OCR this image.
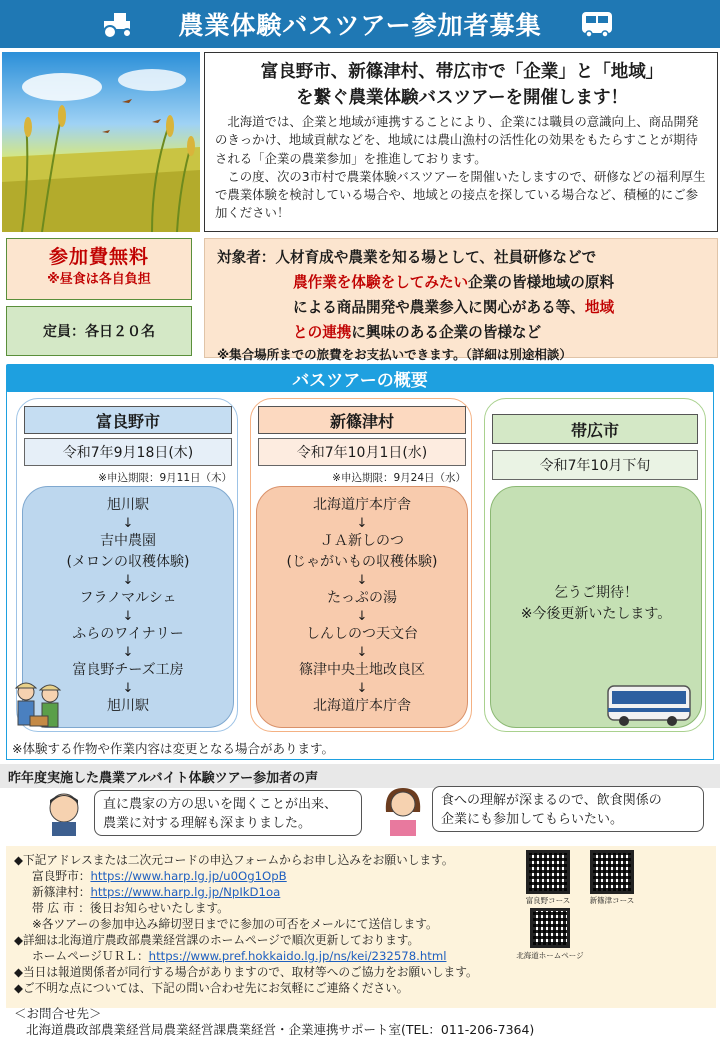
農業体験バスツアー参加者募集
富良野市、新篠津村、帯広市で「企業」と「地域」
を繋ぐ農業体験バスツアーを開催します！

北海道では、企業と地域が連携することにより、企業には職員の意識向上、商品開発のきっかけ、地域貢献などを、地域には農山漁村の活性化の効果をもたらすことが期待される「企業の農業参加」を推進しております。

この度、次の3市村で農業体験バスツアーを開催いたしますので、研修などの福利厚生で農業体験を検討している場合や、地域との接点を探している場合など、積極的にご参加ください！

参加費無料
※昼食は各自負担
定員：各日２０名
対象者：人材育成や農業を知る場として、社員研修などで
農作業を体験をしてみたい企業の皆様地域の原料
による商品開発や農業参入に関心がある等、地域
との連携に興味のある企業の皆様など
※集合場所までの旅費をお支払いできます。（詳細は別途相談）
バスツアーの概要
富良野市	新篠津村	帯広市
令和7年9月18日(木)	令和7年10月1日(水)
令和7年10月下旬
※申込期限：9月11日（木）	※申込期限：9月24日（水）
旭川駅
↓
吉中農園
(メロンの収穫体験)
↓
フラノマルシェ
↓
ふらのワイナリー
↓
富良野チーズ工房
↓
旭川駅
北海道庁本庁舎
↓
ＪＡ新しのつ
(じゃがいもの収穫体験)
↓
たっぷの湯
↓
しんしのつ天文台
↓
篠津中央土地改良区
↓
北海道庁本庁舎
乞うご期待！
※今後更新いたします。
※体験する作物や作業内容は変更となる場合があります。
昨年度実施した農業アルバイト体験ツアー参加者の声
直に農家の方の思いを聞くことが出来、
農業に対する理解も深まりました。
食への理解が深まるので、飲食関係の
企業にも参加してもらいたい。
◆下記アドレスまたは二次元コードの申込フォームからお申し込みをお願いします。
富良野市：https://www.harp.lg.jp/u0Og1OpB
新篠津村：https://www.harp.lg.jp/NpIkD1oa
帯 広 市 ：後日お知らせいたします。
※各ツアーの参加申込み締切翌日までに参加の可否をメールにて送信します。
◆詳細は北海道庁農政部農業経営課のホームページで順次更新しております。
ホームページＵＲＬ：https://www.pref.hokkaido.lg.jp/ns/kei/232578.html
◆当日は報道関係者が同行する場合がありますので、取材等へのご協力をお願いします。
◆ご不明な点については、下記の問い合わせ先にお気軽にご連絡ください。
富良野コース	新篠津コース
北海道ホームページ
＜お問合せ先＞
北海道農政部農業経営局農業経営課農業経営・企業連携サポート室(TEL：011-206-7364)
